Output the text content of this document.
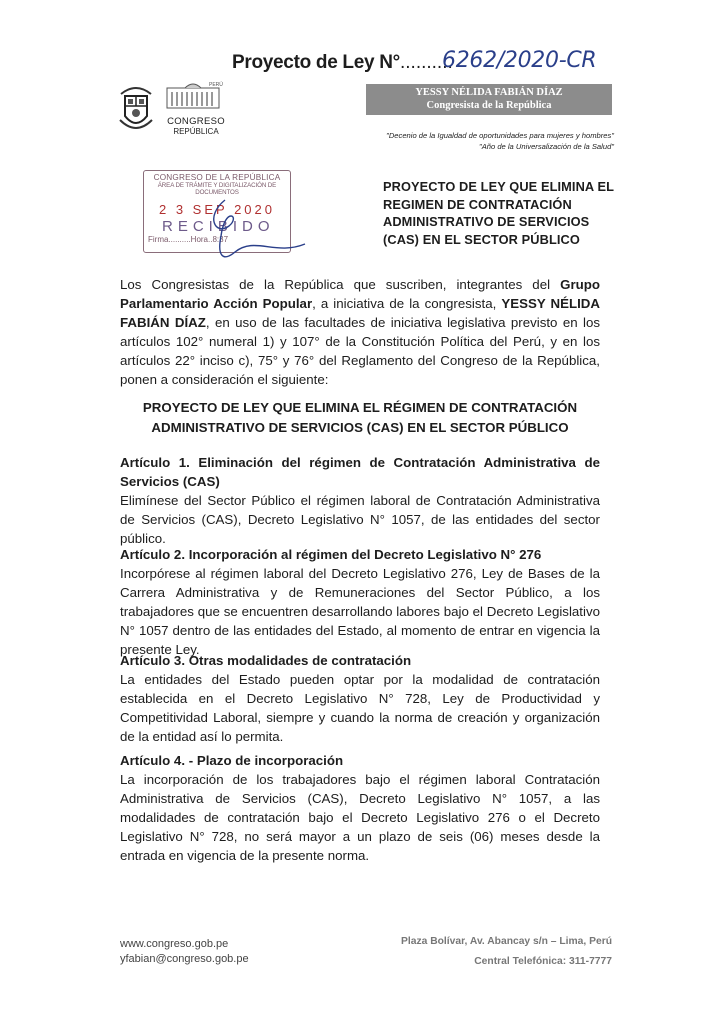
Proyecto de Ley N°..........
6262/2020-CR
PERÚ
CONGRESO
REPÚBLICA
YESSY NÉLIDA FABIÁN DÍAZ
Congresista de la República
"Decenio de la Igualdad de oportunidades para mujeres y hombres"
"Año de la Universalización de la Salud"
CONGRESO DE LA REPÚBLICA
ÁREA DE TRÁMITE Y DIGITALIZACIÓN DE DOCUMENTOS
2 3 SEP 2020
RECIBIDO
Firma..........Hora..8:37
PROYECTO DE LEY QUE ELIMINA EL REGIMEN DE CONTRATACIÓN ADMINISTRATIVO DE SERVICIOS (CAS) EN EL SECTOR PÚBLICO
Los Congresistas de la República que suscriben, integrantes del Grupo Parlamentario Acción Popular, a iniciativa de la congresista, YESSY NÉLIDA FABIÁN DÍAZ, en uso de las facultades de iniciativa legislativa previsto en los artículos 102° numeral 1) y 107° de la Constitución Política del Perú, y en los artículos 22° inciso c), 75° y 76° del Reglamento del Congreso de la República, ponen a consideración el siguiente:
PROYECTO DE LEY QUE ELIMINA EL RÉGIMEN DE CONTRATACIÓN ADMINISTRATIVO DE SERVICIOS (CAS) EN EL SECTOR PÚBLICO
Artículo 1. Eliminación del régimen de Contratación Administrativa de Servicios (CAS)
Elimínese del Sector Público el régimen laboral de Contratación Administrativa de Servicios (CAS), Decreto Legislativo N° 1057, de las entidades del sector público.
Artículo 2. Incorporación al régimen del Decreto Legislativo N° 276
Incorpórese al régimen laboral del Decreto Legislativo 276, Ley de Bases de la Carrera Administrativa y de Remuneraciones del Sector Público, a los trabajadores que se encuentren desarrollando labores bajo el Decreto Legislativo N° 1057 dentro de las entidades del Estado, al momento de entrar en vigencia la presente Ley.
Artículo 3. Otras modalidades de contratación
La entidades del Estado pueden optar por la modalidad de contratación establecida en el Decreto Legislativo N° 728, Ley de Productividad y Competitividad Laboral, siempre y cuando la norma de creación y organización de la entidad así lo permita.
Artículo 4. - Plazo de incorporación
La incorporación de los trabajadores bajo el régimen laboral Contratación Administrativa de Servicios (CAS), Decreto Legislativo N° 1057, a las modalidades de contratación bajo el Decreto Legislativo 276 o el Decreto Legislativo N° 728, no será mayor a un plazo de seis (06) meses desde la entrada en vigencia de la presente norma.
www.congreso.gob.pe
yfabian@congreso.gob.pe
Plaza Bolívar, Av. Abancay s/n – Lima, Perú
Central Telefónica: 311-7777
